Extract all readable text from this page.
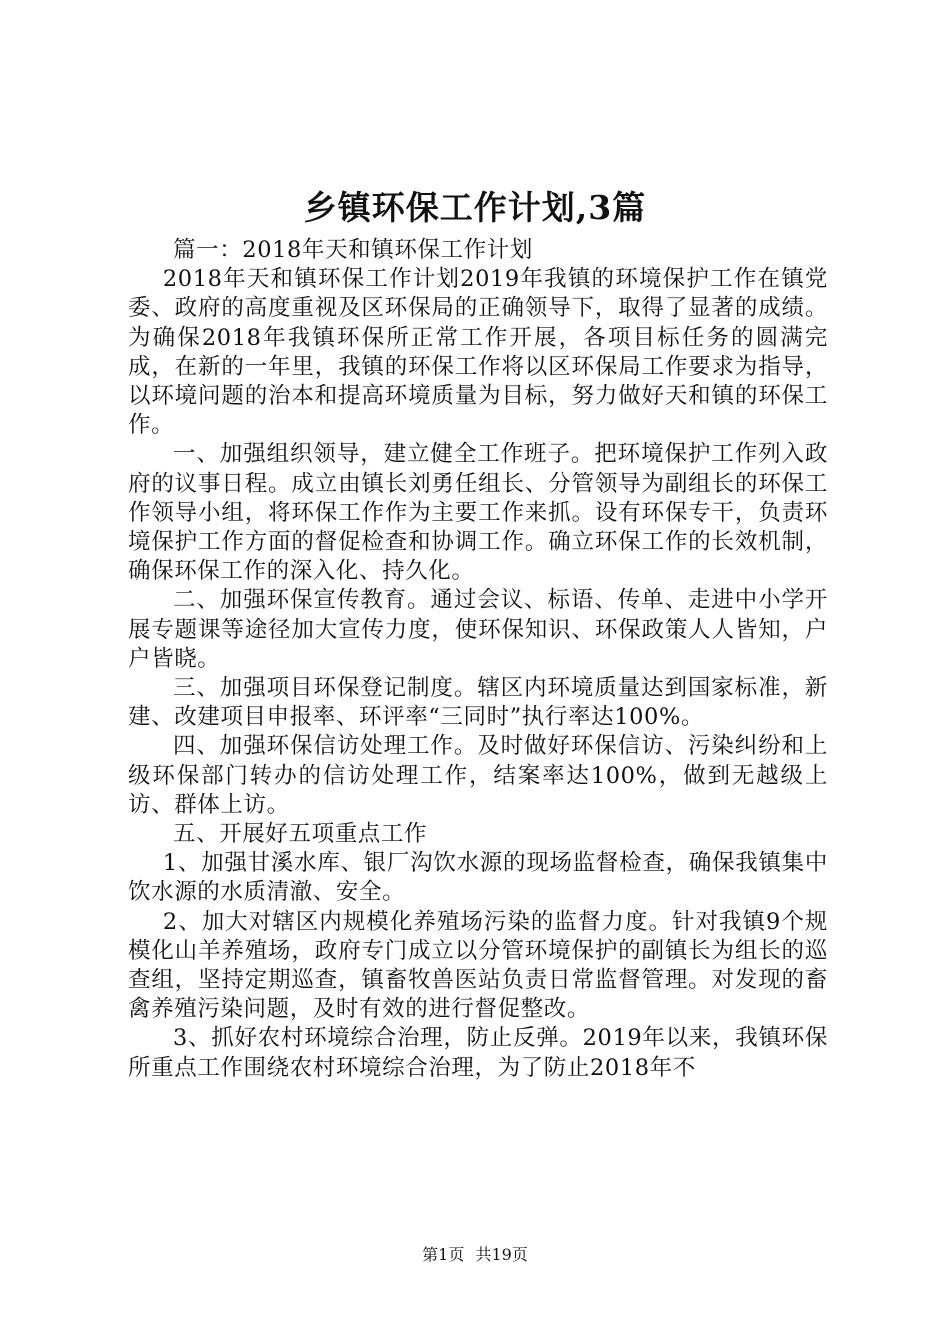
乡镇环保工作计划,3篇

篇一：2018年天和镇环保工作计划

2018年天和镇环保工作计划2019年我镇的环境保护工作在镇党委、政府的高度重视及区环保局的正确领导下，取得了显著的成绩。为确保2018年我镇环保所正常工作开展，各项目标任务的圆满完成，在新的一年里，我镇的环保工作将以区环保局工作要求为指导，以环境问题的治本和提高环境质量为目标，努力做好天和镇的环保工作。

一、加强组织领导，建立健全工作班子。把环境保护工作列入政府的议事日程。成立由镇长刘勇任组长、分管领导为副组长的环保工作领导小组，将环保工作作为主要工作来抓。设有环保专干，负责环境保护工作方面的督促检查和协调工作。确立环保工作的长效机制，确保环保工作的深入化、持久化。

二、加强环保宣传教育。通过会议、标语、传单、走进中小学开展专题课等途径加大宣传力度，使环保知识、环保政策人人皆知，户户皆晓。

三、加强项目环保登记制度。辖区内环境质量达到国家标准，新建、改建项目申报率、环评率“三同时”执行率达100%。

四、加强环保信访处理工作。及时做好环保信访、污染纠纷和上级环保部门转办的信访处理工作，结案率达100%，做到无越级上访、群体上访。

五、开展好五项重点工作

1、加强甘溪水库、银厂沟饮水源的现场监督检查，确保我镇集中饮水源的水质清澈、安全。

2、加大对辖区内规模化养殖场污染的监督力度。针对我镇9个规模化山羊养殖场，政府专门成立以分管环境保护的副镇长为组长的巡查组，坚持定期巡查，镇畜牧兽医站负责日常监督管理。对发现的畜禽养殖污染问题，及时有效的进行督促整改。

3、抓好农村环境综合治理，防止反弹。2019年以来，我镇环保所重点工作围绕农村环境综合治理，为了防止2018年不

第1页 共19页
